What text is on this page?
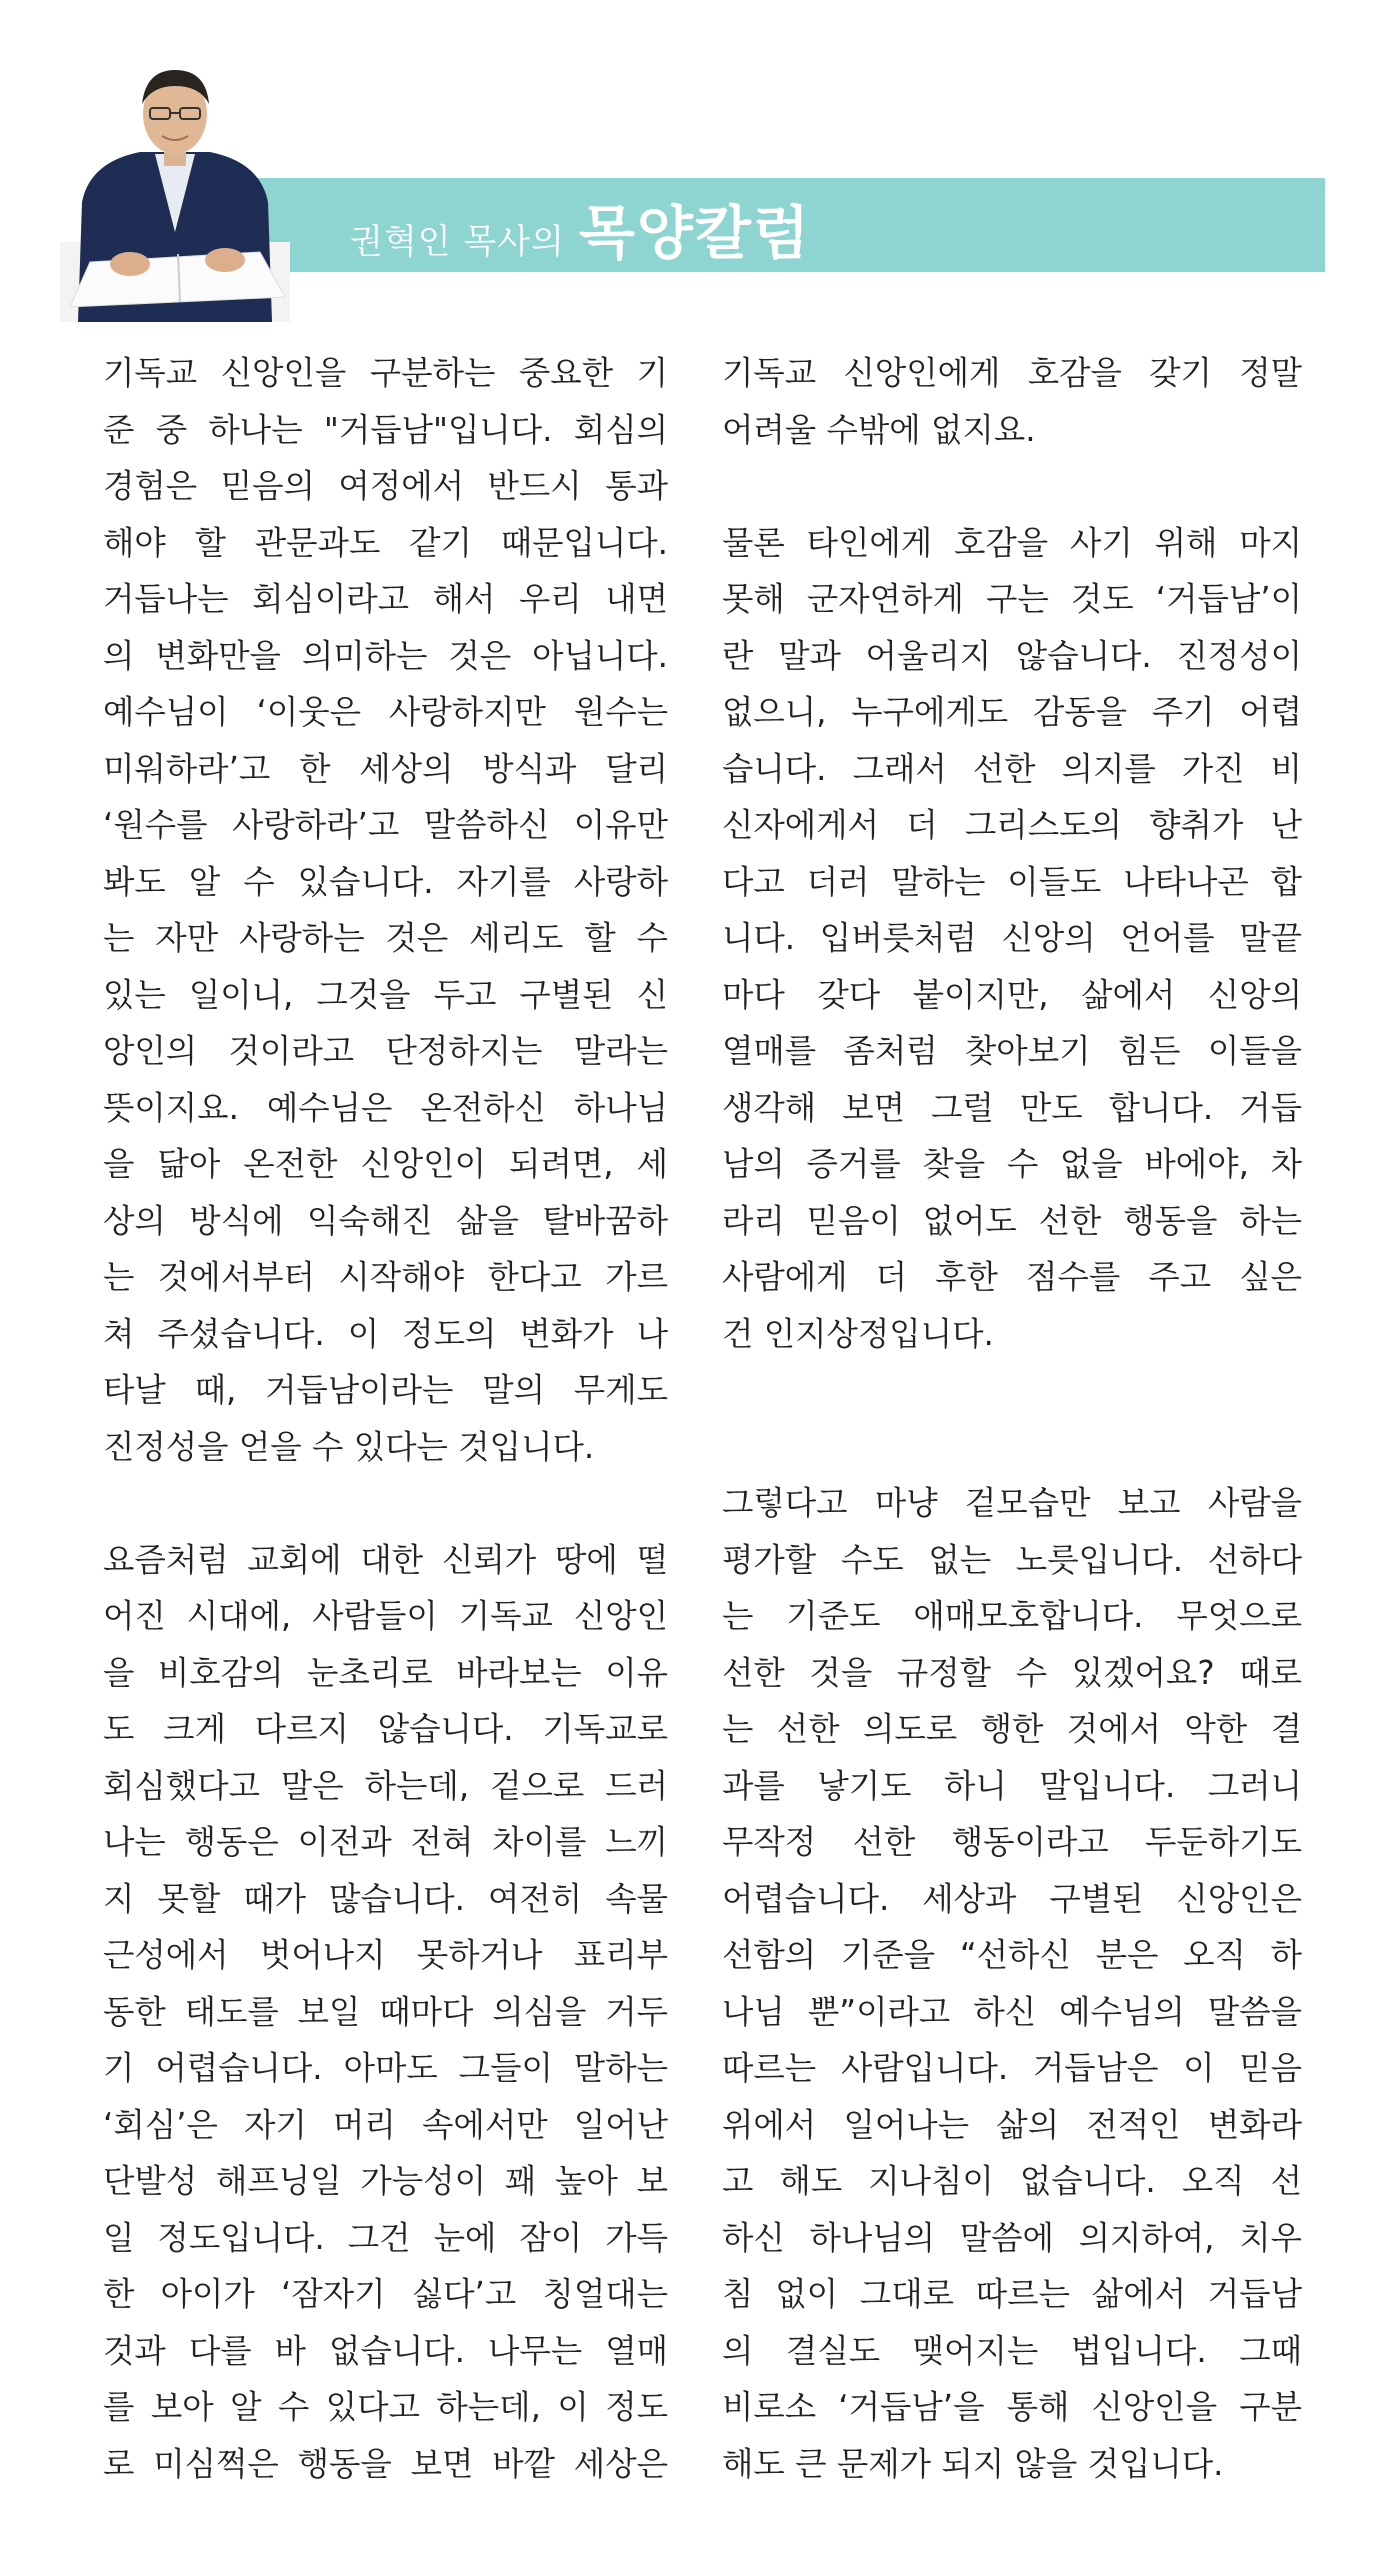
권혁인 목사의 목양칼럼

기독교 신앙인을 구분하는 중요한 기
준 중 하나는 "거듭남"입니다. 회심의
경험은 믿음의 여정에서 반드시 통과
해야 할 관문과도 같기 때문입니다.
거듭나는 회심이라고 해서 우리 내면
의 변화만을 의미하는 것은 아닙니다.
예수님이 ‘이웃은 사랑하지만 원수는
미워하라’고 한 세상의 방식과 달리
‘원수를 사랑하라’고 말씀하신 이유만
봐도 알 수 있습니다. 자기를 사랑하
는 자만 사랑하는 것은 세리도 할 수
있는 일이니, 그것을 두고 구별된 신
앙인의 것이라고 단정하지는 말라는
뜻이지요. 예수님은 온전하신 하나님
을 닮아 온전한 신앙인이 되려면, 세
상의 방식에 익숙해진 삶을 탈바꿈하
는 것에서부터 시작해야 한다고 가르
쳐 주셨습니다. 이 정도의 변화가 나
타날 때, 거듭남이라는 말의 무게도
진정성을 얻을 수 있다는 것입니다.

요즘처럼 교회에 대한 신뢰가 땅에 떨
어진 시대에, 사람들이 기독교 신앙인
을 비호감의 눈초리로 바라보는 이유
도 크게 다르지 않습니다. 기독교로
회심했다고 말은 하는데, 겉으로 드러
나는 행동은 이전과 전혀 차이를 느끼
지 못할 때가 많습니다. 여전히 속물
근성에서 벗어나지 못하거나 표리부
동한 태도를 보일 때마다 의심을 거두
기 어렵습니다. 아마도 그들이 말하는
‘회심’은 자기 머리 속에서만 일어난
단발성 해프닝일 가능성이 꽤 높아 보
일 정도입니다. 그건 눈에 잠이 가득
한 아이가 ‘잠자기 싫다’고 칭얼대는
것과 다를 바 없습니다. 나무는 열매
를 보아 알 수 있다고 하는데, 이 정도
로 미심쩍은 행동을 보면 바깥 세상은

기독교 신앙인에게 호감을 갖기 정말
어려울 수밖에 없지요.

물론 타인에게 호감을 사기 위해 마지
못해 군자연하게 구는 것도 ‘거듭남’이
란 말과 어울리지 않습니다. 진정성이
없으니, 누구에게도 감동을 주기 어렵
습니다. 그래서 선한 의지를 가진 비
신자에게서 더 그리스도의 향취가 난
다고 더러 말하는 이들도 나타나곤 합
니다. 입버릇처럼 신앙의 언어를 말끝
마다 갖다 붙이지만, 삶에서 신앙의
열매를 좀처럼 찾아보기 힘든 이들을
생각해 보면 그럴 만도 합니다. 거듭
남의 증거를 찾을 수 없을 바에야, 차
라리 믿음이 없어도 선한 행동을 하는
사람에게 더 후한 점수를 주고 싶은
건 인지상정입니다.

그렇다고 마냥 겉모습만 보고 사람을
평가할 수도 없는 노릇입니다. 선하다
는 기준도 애매모호합니다. 무엇으로
선한 것을 규정할 수 있겠어요? 때로
는 선한 의도로 행한 것에서 악한 결
과를 낳기도 하니 말입니다. 그러니
무작정 선한 행동이라고 두둔하기도
어렵습니다. 세상과 구별된 신앙인은
선함의 기준을 “선하신 분은 오직 하
나님 뿐”이라고 하신 예수님의 말씀을
따르는 사람입니다. 거듭남은 이 믿음
위에서 일어나는 삶의 전적인 변화라
고 해도 지나침이 없습니다. 오직 선
하신 하나님의 말씀에 의지하여, 치우
침 없이 그대로 따르는 삶에서 거듭남
의 결실도 맺어지는 법입니다. 그때
비로소 ‘거듭남’을 통해 신앙인을 구분
해도 큰 문제가 되지 않을 것입니다.
